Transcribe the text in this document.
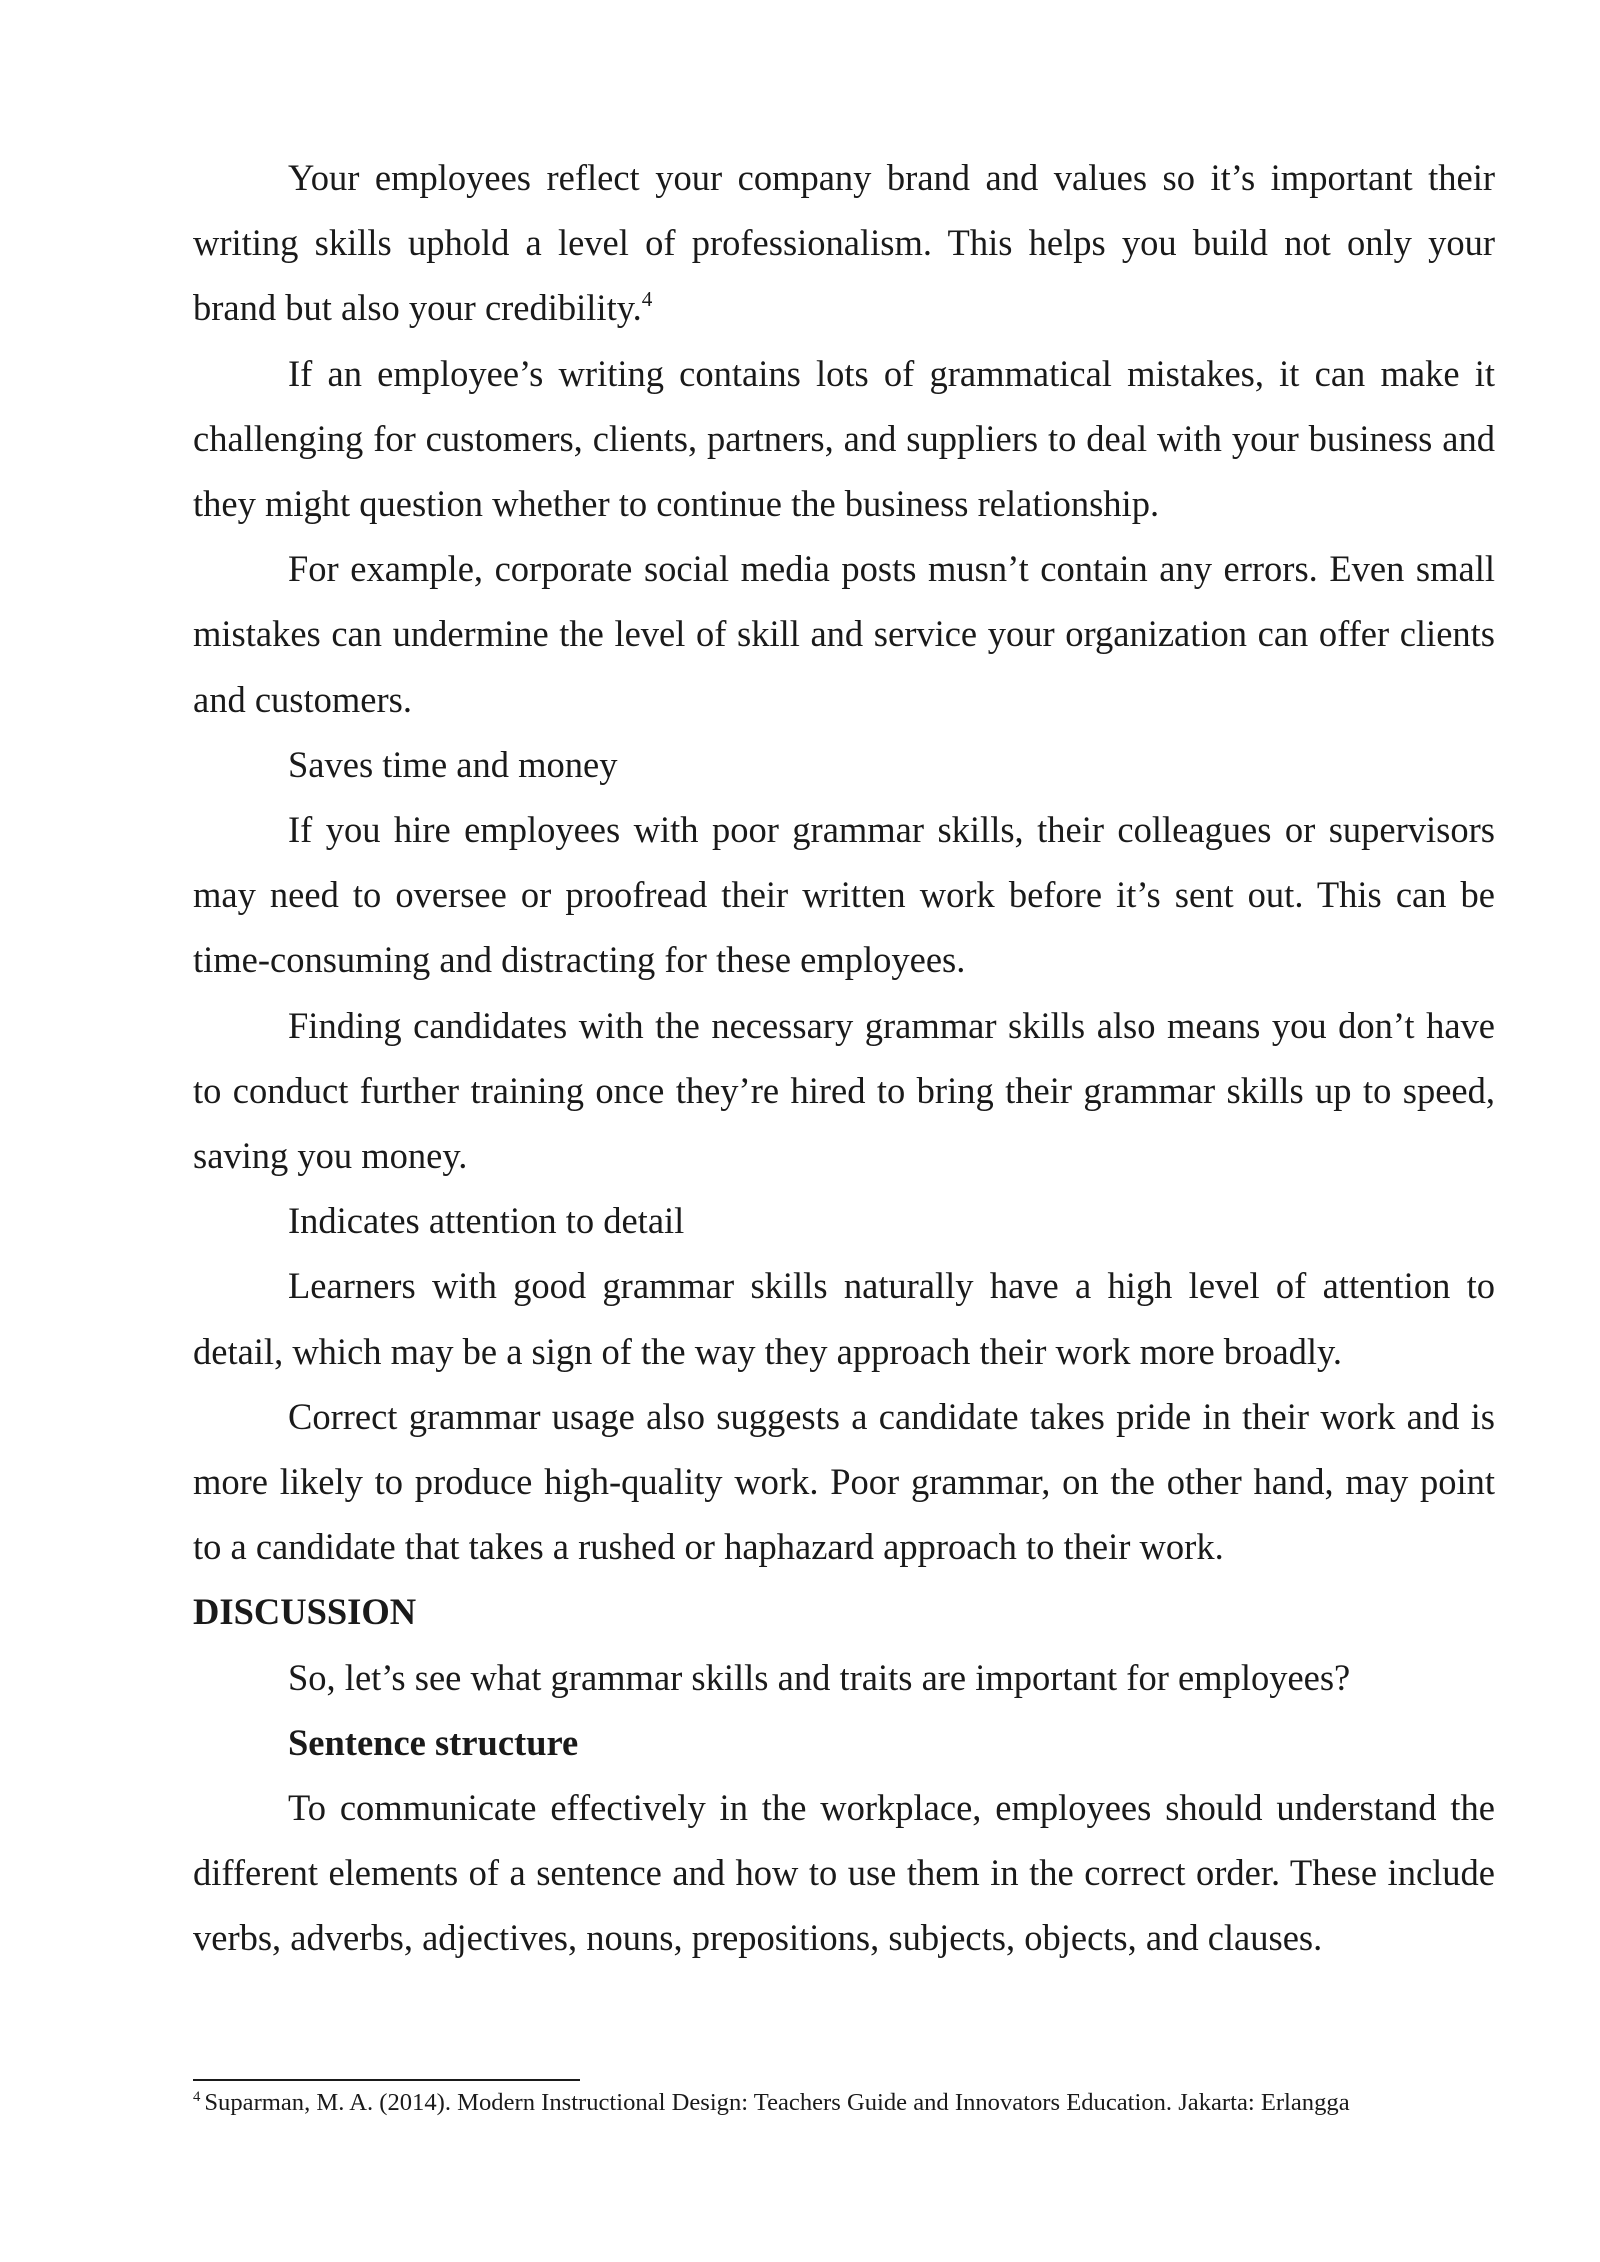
Your employees reflect your company brand and values so it’s important their writing skills uphold a level of professionalism. This helps you build not only your brand but also your credibility.$^4$

If an employee’s writing contains lots of grammatical mistakes, it can make it challenging for customers, clients, partners, and suppliers to deal with your business and they might question whether to continue the business relationship.

For example, corporate social media posts musn’t contain any errors. Even small mistakes can undermine the level of skill and service your organization can offer clients and customers.

Saves time and money

If you hire employees with poor grammar skills, their colleagues or supervisors may need to oversee or proofread their written work before it’s sent out. This can be time-consuming and distracting for these employees.

Finding candidates with the necessary grammar skills also means you don’t have to conduct further training once they’re hired to bring their grammar skills up to speed, saving you money.

Indicates attention to detail

Learners with good grammar skills naturally have a high level of attention to detail, which may be a sign of the way they approach their work more broadly.

Correct grammar usage also suggests a candidate takes pride in their work and is more likely to produce high-quality work. Poor grammar, on the other hand, may point to a candidate that takes a rushed or haphazard approach to their work.

DISCUSSION

So, let’s see what grammar skills and traits are important for employees?

Sentence structure

To communicate effectively in the workplace, employees should understand the different elements of a sentence and how to use them in the correct order. These include verbs, adverbs, adjectives, nouns, prepositions, subjects, objects, and clauses.

$^4$ Suparman, M. A. (2014). Modern Instructional Design: Teachers Guide and Innovators Education. Jakarta: Erlangga
